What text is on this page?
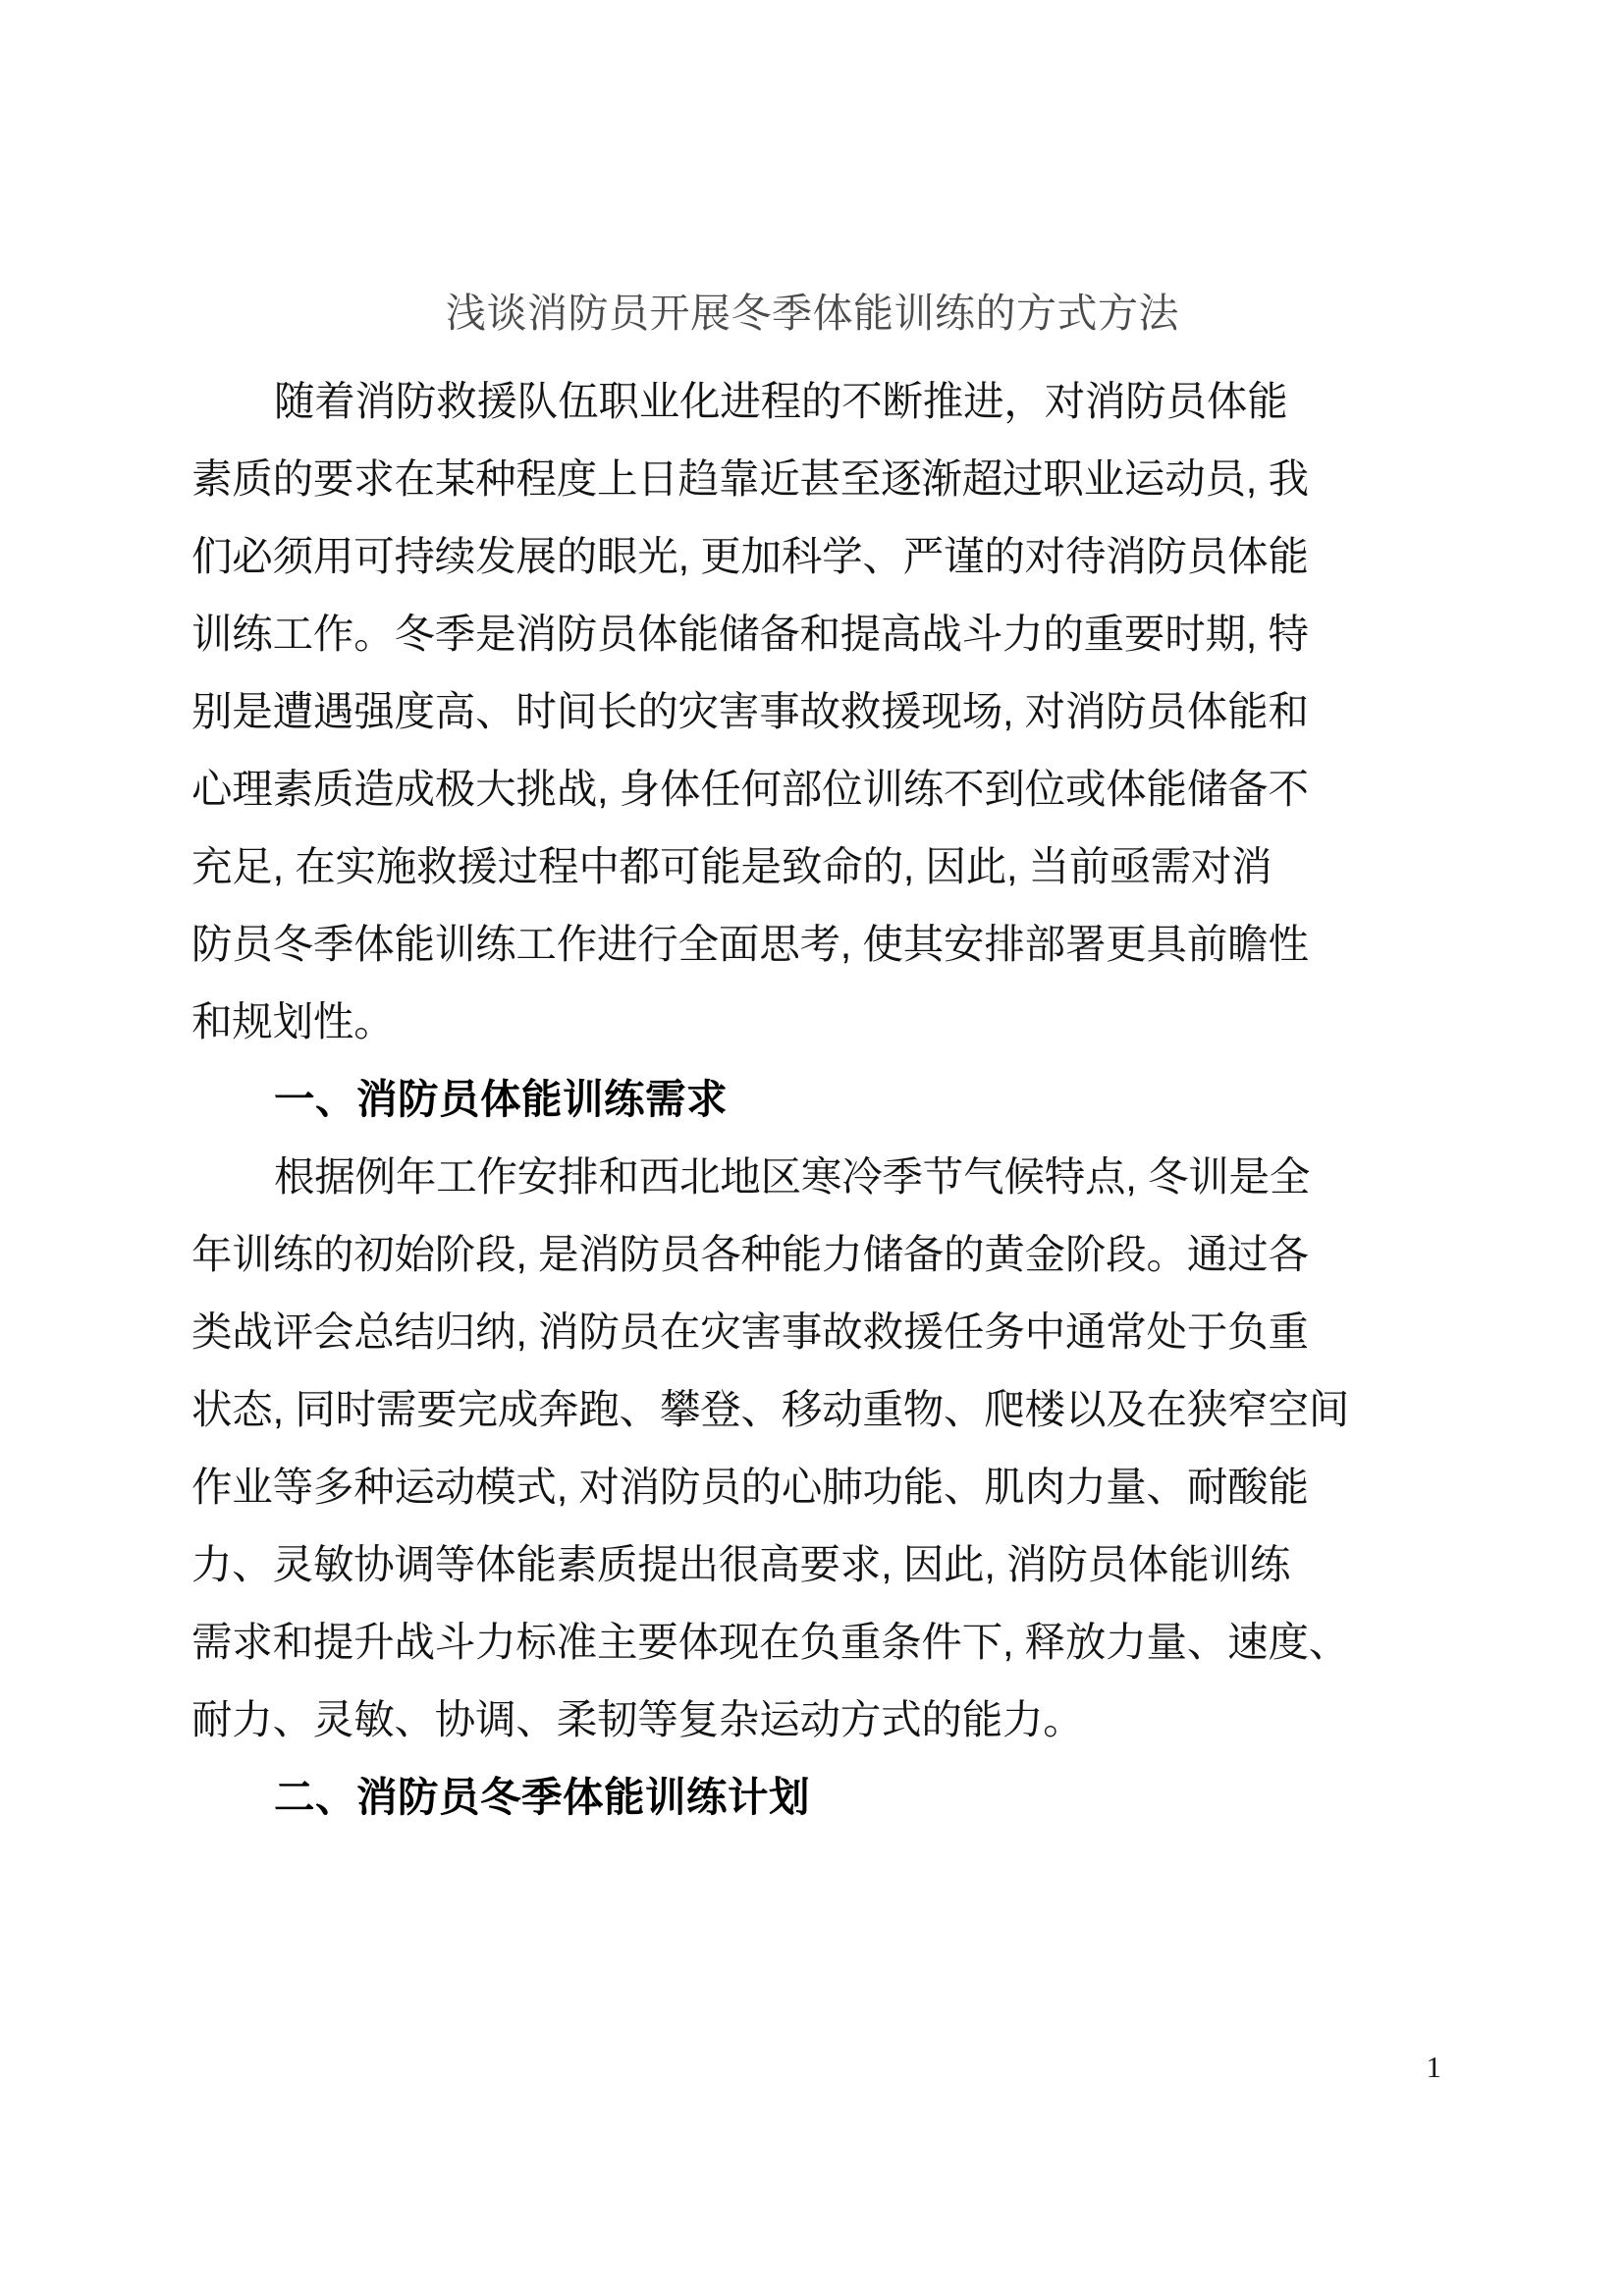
浅谈消防员开展冬季体能训练的方式方法

随着消防救援队伍职业化进程的不断推进，对消防员体能
素质的要求在某种程度上日趋靠近甚至逐渐超过职业运动员, 我
们必须用可持续发展的眼光, 更加科学、严谨的对待消防员体能
训练工作。冬季是消防员体能储备和提高战斗力的重要时期, 特
别是遭遇强度高、时间长的灾害事故救援现场, 对消防员体能和
心理素质造成极大挑战, 身体任何部位训练不到位或体能储备不
充足, 在实施救援过程中都可能是致命的, 因此, 当前亟需对消
防员冬季体能训练工作进行全面思考, 使其安排部署更具前瞻性
和规划性。

一、消防员体能训练需求

根据例年工作安排和西北地区寒冷季节气候特点, 冬训是全
年训练的初始阶段, 是消防员各种能力储备的黄金阶段。通过各
类战评会总结归纳, 消防员在灾害事故救援任务中通常处于负重
状态, 同时需要完成奔跑、攀登、移动重物、爬楼以及在狭窄空间
作业等多种运动模式, 对消防员的心肺功能、肌肉力量、耐酸能
力、灵敏协调等体能素质提出很高要求, 因此, 消防员体能训练
需求和提升战斗力标准主要体现在负重条件下, 释放力量、速度、
耐力、灵敏、协调、柔韧等复杂运动方式的能力。

二、消防员冬季体能训练计划
1
